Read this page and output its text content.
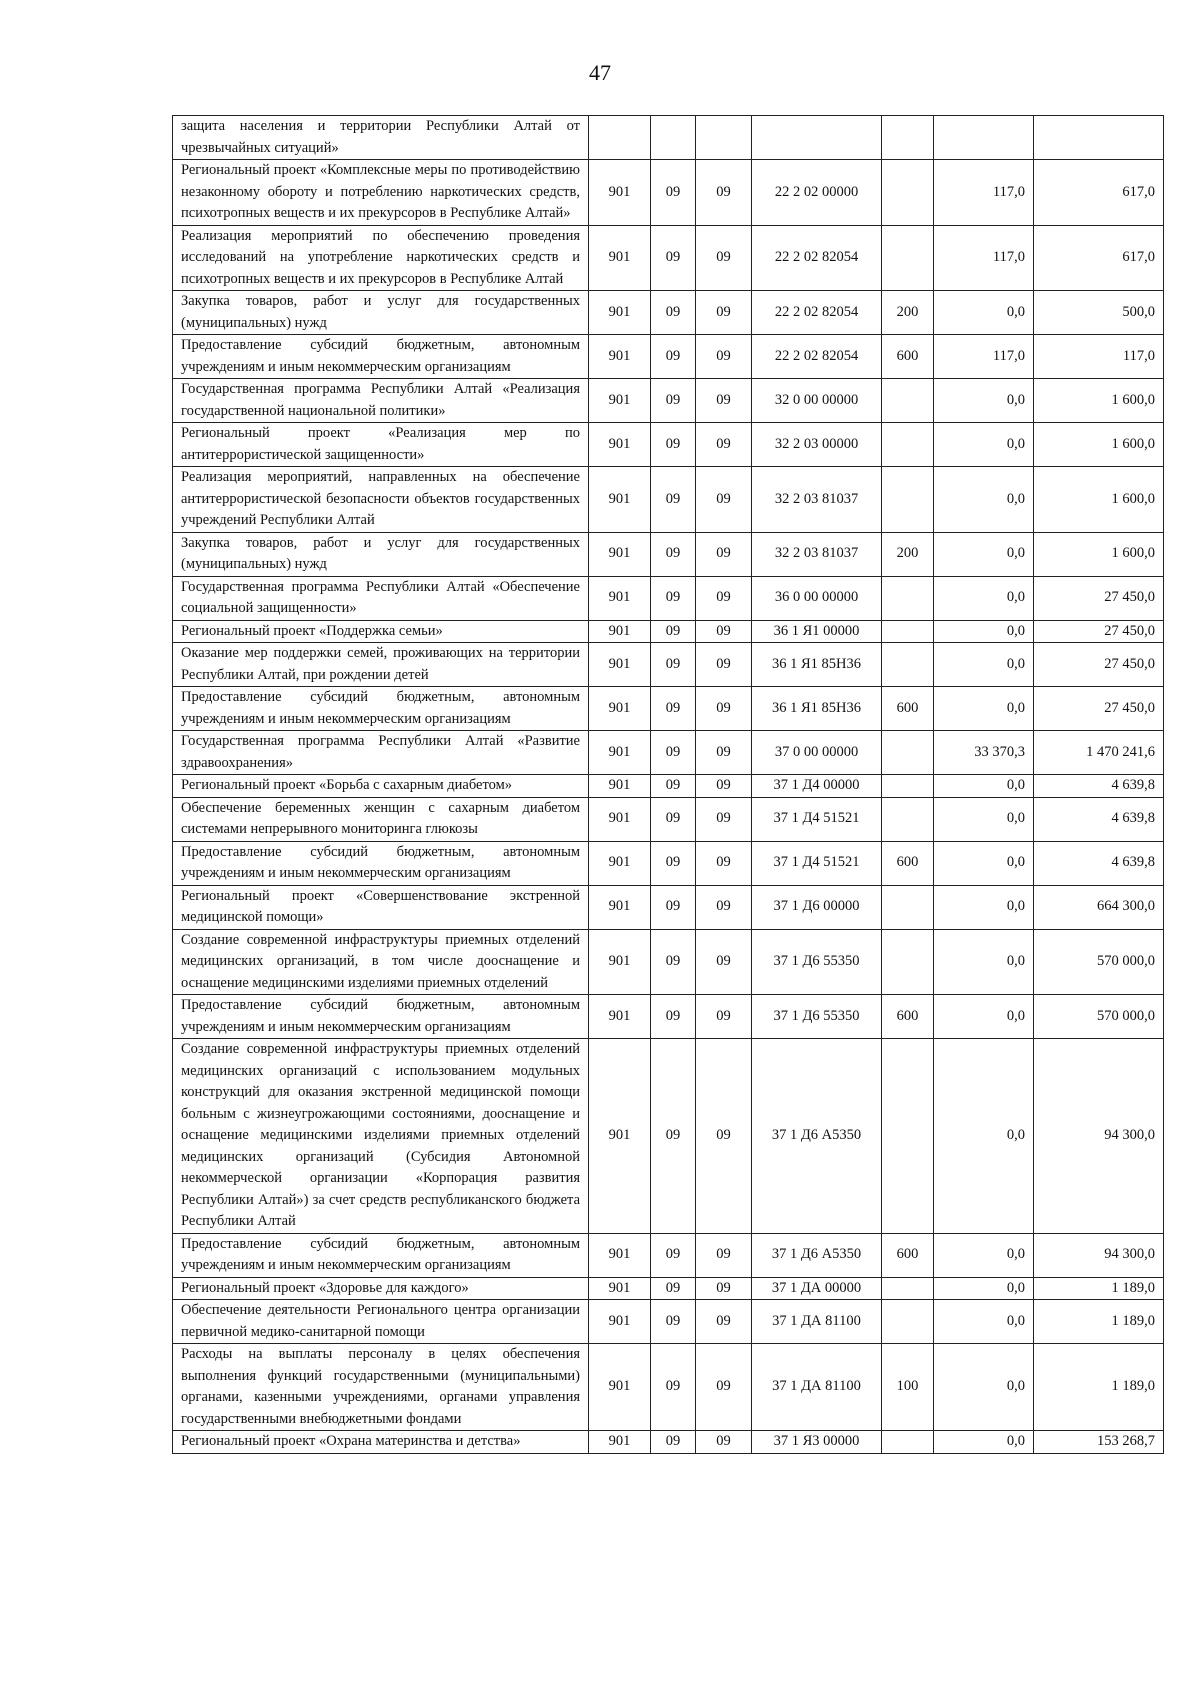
47
защита населения и территории Республики Алтай от чрезвычайных ситуаций»							
Региональный проект «Комплексные меры по противодействию незаконному обороту и потреблению наркотических средств, психотропных веществ и их прекурсоров в Республике Алтай»	901	09	09	22 2 02 00000		117,0	617,0
Реализация мероприятий по обеспечению проведения исследований на употребление наркотических средств и психотропных веществ и их прекурсоров в Республике Алтай	901	09	09	22 2 02 82054		117,0	617,0
Закупка товаров, работ и услуг для государственных (муниципальных) нужд	901	09	09	22 2 02 82054	200	0,0	500,0
Предоставление субсидий бюджетным, автономным учреждениям и иным некоммерческим организациям	901	09	09	22 2 02 82054	600	117,0	117,0
Государственная программа Республики Алтай «Реализация государственной национальной политики»	901	09	09	32 0 00 00000		0,0	1 600,0
Региональный проект «Реализация мер по антитеррористической защищенности»	901	09	09	32 2 03 00000		0,0	1 600,0
Реализация мероприятий, направленных на обеспечение антитеррористической безопасности объектов государственных учреждений Республики Алтай	901	09	09	32 2 03 81037		0,0	1 600,0
Закупка товаров, работ и услуг для государственных (муниципальных) нужд	901	09	09	32 2 03 81037	200	0,0	1 600,0
Государственная программа Республики Алтай «Обеспечение социальной защищенности»	901	09	09	36 0 00 00000		0,0	27 450,0
Региональный проект «Поддержка семьи»	901	09	09	36 1 Я1 00000		0,0	27 450,0
Оказание мер поддержки семей, проживающих на территории Республики Алтай, при рождении детей	901	09	09	36 1 Я1 85Н36		0,0	27 450,0
Предоставление субсидий бюджетным, автономным учреждениям и иным некоммерческим организациям	901	09	09	36 1 Я1 85Н36	600	0,0	27 450,0
Государственная программа Республики Алтай «Развитие здравоохранения»	901	09	09	37 0 00 00000		33 370,3	1 470 241,6
Региональный проект «Борьба с сахарным диабетом»	901	09	09	37 1 Д4 00000		0,0	4 639,8
Обеспечение беременных женщин с сахарным диабетом системами непрерывного мониторинга глюкозы	901	09	09	37 1 Д4 51521		0,0	4 639,8
Предоставление субсидий бюджетным, автономным учреждениям и иным некоммерческим организациям	901	09	09	37 1 Д4 51521	600	0,0	4 639,8
Региональный проект «Совершенствование экстренной медицинской помощи»	901	09	09	37 1 Д6 00000		0,0	664 300,0
Создание современной инфраструктуры приемных отделений медицинских организаций, в том числе дооснащение и оснащение медицинскими изделиями приемных отделений	901	09	09	37 1 Д6 55350		0,0	570 000,0
Предоставление субсидий бюджетным, автономным учреждениям и иным некоммерческим организациям	901	09	09	37 1 Д6 55350	600	0,0	570 000,0
Создание современной инфраструктуры приемных отделений медицинских организаций с использованием модульных конструкций для оказания экстренной медицинской помощи больным с жизнеугрожающими состояниями, дооснащение и оснащение медицинскими изделиями приемных отделений медицинских организаций (Субсидия Автономной некоммерческой организации «Корпорация развития Республики Алтай») за счет средств республиканского бюджета Республики Алтай	901	09	09	37 1 Д6 А5350		0,0	94 300,0
Предоставление субсидий бюджетным, автономным учреждениям и иным некоммерческим организациям	901	09	09	37 1 Д6 А5350	600	0,0	94 300,0
Региональный проект «Здоровье для каждого»	901	09	09	37 1 ДА 00000		0,0	1 189,0
Обеспечение деятельности Регионального центра организации первичной медико-санитарной помощи	901	09	09	37 1 ДА 81100		0,0	1 189,0
Расходы на выплаты персоналу в целях обеспечения выполнения функций государственными (муниципальными) органами, казенными учреждениями, органами управления государственными внебюджетными фондами	901	09	09	37 1 ДА 81100	100	0,0	1 189,0
Региональный проект «Охрана материнства и детства»	901	09	09	37 1 Я3 00000		0,0	153 268,7
